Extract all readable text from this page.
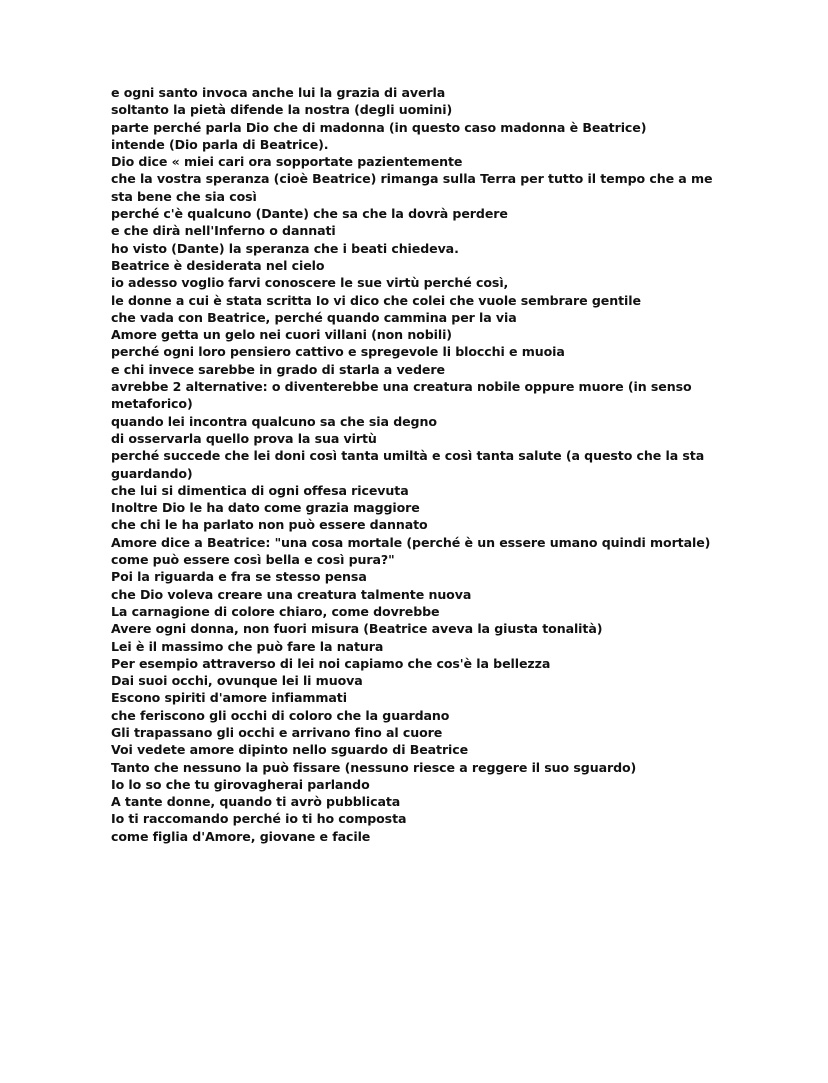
e ogni santo invoca anche lui la grazia di averla
soltanto la pietà difende la nostra (degli uomini)
parte perché parla Dio che di madonna (in questo caso madonna è Beatrice)
intende (Dio parla di Beatrice).
Dio dice « miei cari ora sopportate pazientemente
che la vostra speranza (cioè Beatrice) rimanga sulla Terra per tutto il tempo che a me sta bene che sia così
perché c'è qualcuno (Dante) che sa che la dovrà perdere
e che dirà nell'Inferno o dannati
ho visto (Dante) la speranza che i beati chiedeva.
Beatrice è desiderata nel cielo
io adesso voglio farvi conoscere le sue virtù perché così,
le donne a cui è stata scritta Io vi dico che colei che vuole sembrare gentile
che vada con Beatrice, perché quando cammina per la via
Amore getta un gelo nei cuori villani (non nobili)
perché ogni loro pensiero cattivo e spregevole li blocchi e muoia
e chi invece sarebbe in grado di starla a vedere
avrebbe 2 alternative: o diventerebbe una creatura nobile oppure muore (in senso metaforico)
quando lei incontra qualcuno sa che sia degno
di osservarla quello prova la sua virtù
perché succede che lei doni così tanta umiltà e così tanta salute (a questo che la sta guardando)
che lui si dimentica di ogni offesa ricevuta
Inoltre Dio le ha dato come grazia maggiore
che chi le ha parlato non può essere dannato
Amore dice a Beatrice: "una cosa mortale (perché è un essere umano quindi mortale)
come può essere così bella e così pura?"
Poi la riguarda e fra se stesso pensa
che Dio voleva creare una creatura talmente nuova
La carnagione di colore chiaro, come dovrebbe
Avere ogni donna, non fuori misura (Beatrice aveva la giusta tonalità)
Lei è il massimo che può fare la natura
Per esempio attraverso di lei noi capiamo che cos'è la bellezza
Dai suoi occhi, ovunque lei li muova
Escono spiriti d'amore infiammati
che feriscono gli occhi di coloro che la guardano
Gli trapassano gli occhi e arrivano fino al cuore
Voi vedete amore dipinto nello sguardo di Beatrice
Tanto che nessuno la può fissare (nessuno riesce a reggere il suo sguardo)
Io lo so che tu girovagherai parlando
A tante donne, quando ti avrò pubblicata
Io ti raccomando perché io ti ho composta
come figlia d'Amore, giovane e facile
